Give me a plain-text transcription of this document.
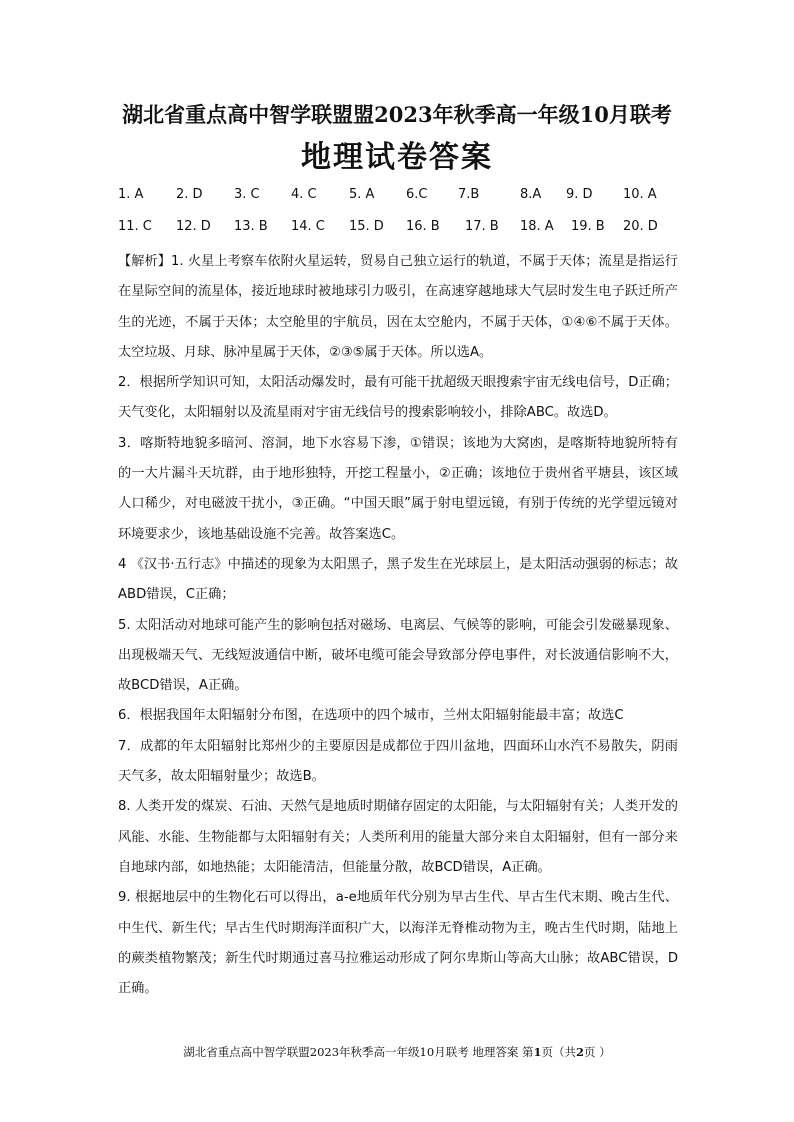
湖北省重点高中智学联盟盟2023年秋季高一年级10月联考
地理试卷答案
1. A	2. D 3. C 4. C 5. A 6.C 7.B	8.A 9. D 10. A
11. C 12. D 13. B 14. C 15. D 16. B 17. B 18. A 19. B 20. D

【解析】1. 火星上考察车依附火星运转，贸易自己独立运行的轨道，不属于天体；流星是指运行在星际空间的流星体，接近地球时被地球引力吸引，在高速穿越地球大气层时发生电子跃迁所产生的光迹，不属于天体；太空舱里的宇航员，因在太空舱内，不属于天体，①④⑥不属于天体。太空垃圾、月球、脉冲星属于天体，②③⑤属于天体。所以选A。

2．根据所学知识可知，太阳活动爆发时，最有可能干扰超级天眼搜索宇宙无线电信号，D正确；天气变化，太阳辐射以及流星雨对宇宙无线信号的搜索影响较小，排除ABC。故选D。

3．喀斯特地貌多暗河、溶洞，地下水容易下渗，①错误；该地为大窝凼，是喀斯特地貌所特有的一大片漏斗天坑群，由于地形独特，开挖工程量小，②正确；该地位于贵州省平塘县，该区域人口稀少，对电磁波干扰小，③正确。“中国天眼”属于射电望远镜，有别于传统的光学望远镜对环境要求少，该地基础设施不完善。故答案选C。

4 《汉书·五行志》中描述的现象为太阳黑子，黑子发生在光球层上，是太阳活动强弱的标志；故ABD错误，C正确；

5. 太阳活动对地球可能产生的影响包括对磁场、电离层、气候等的影响，可能会引发磁暴现象、出现极端天气、无线短波通信中断，破坏电缆可能会导致部分停电事件，对长波通信影响不大，故BCD错误，A正确。

6．根据我国年太阳辐射分布图，在选项中的四个城市，兰州太阳辐射能最丰富；故选C

7．成都的年太阳辐射比郑州少的主要原因是成都位于四川盆地，四面环山水汽不易散失，阴雨天气多，故太阳辐射量少；故选B。

8. 人类开发的煤炭、石油、天然气是地质时期储存固定的太阳能，与太阳辐射有关；人类开发的风能、水能、生物能都与太阳辐射有关；人类所利用的能量大部分来自太阳辐射，但有一部分来自地球内部，如地热能；太阳能清洁，但能量分散，故BCD错误，A正确。

9. 根据地层中的生物化石可以得出，a-e地质年代分别为早古生代、早古生代末期、晚古生代、中生代、新生代；早古生代时期海洋面积广大，以海洋无脊椎动物为主，晚古生代时期，陆地上的蕨类植物繁茂；新生代时期通过喜马拉雅运动形成了阿尔卑斯山等高大山脉；故ABC错误，D正确。

湖北省重点高中智学联盟2023年秋季高一年级10月联考 地理答案 第1页（共2页 ）
